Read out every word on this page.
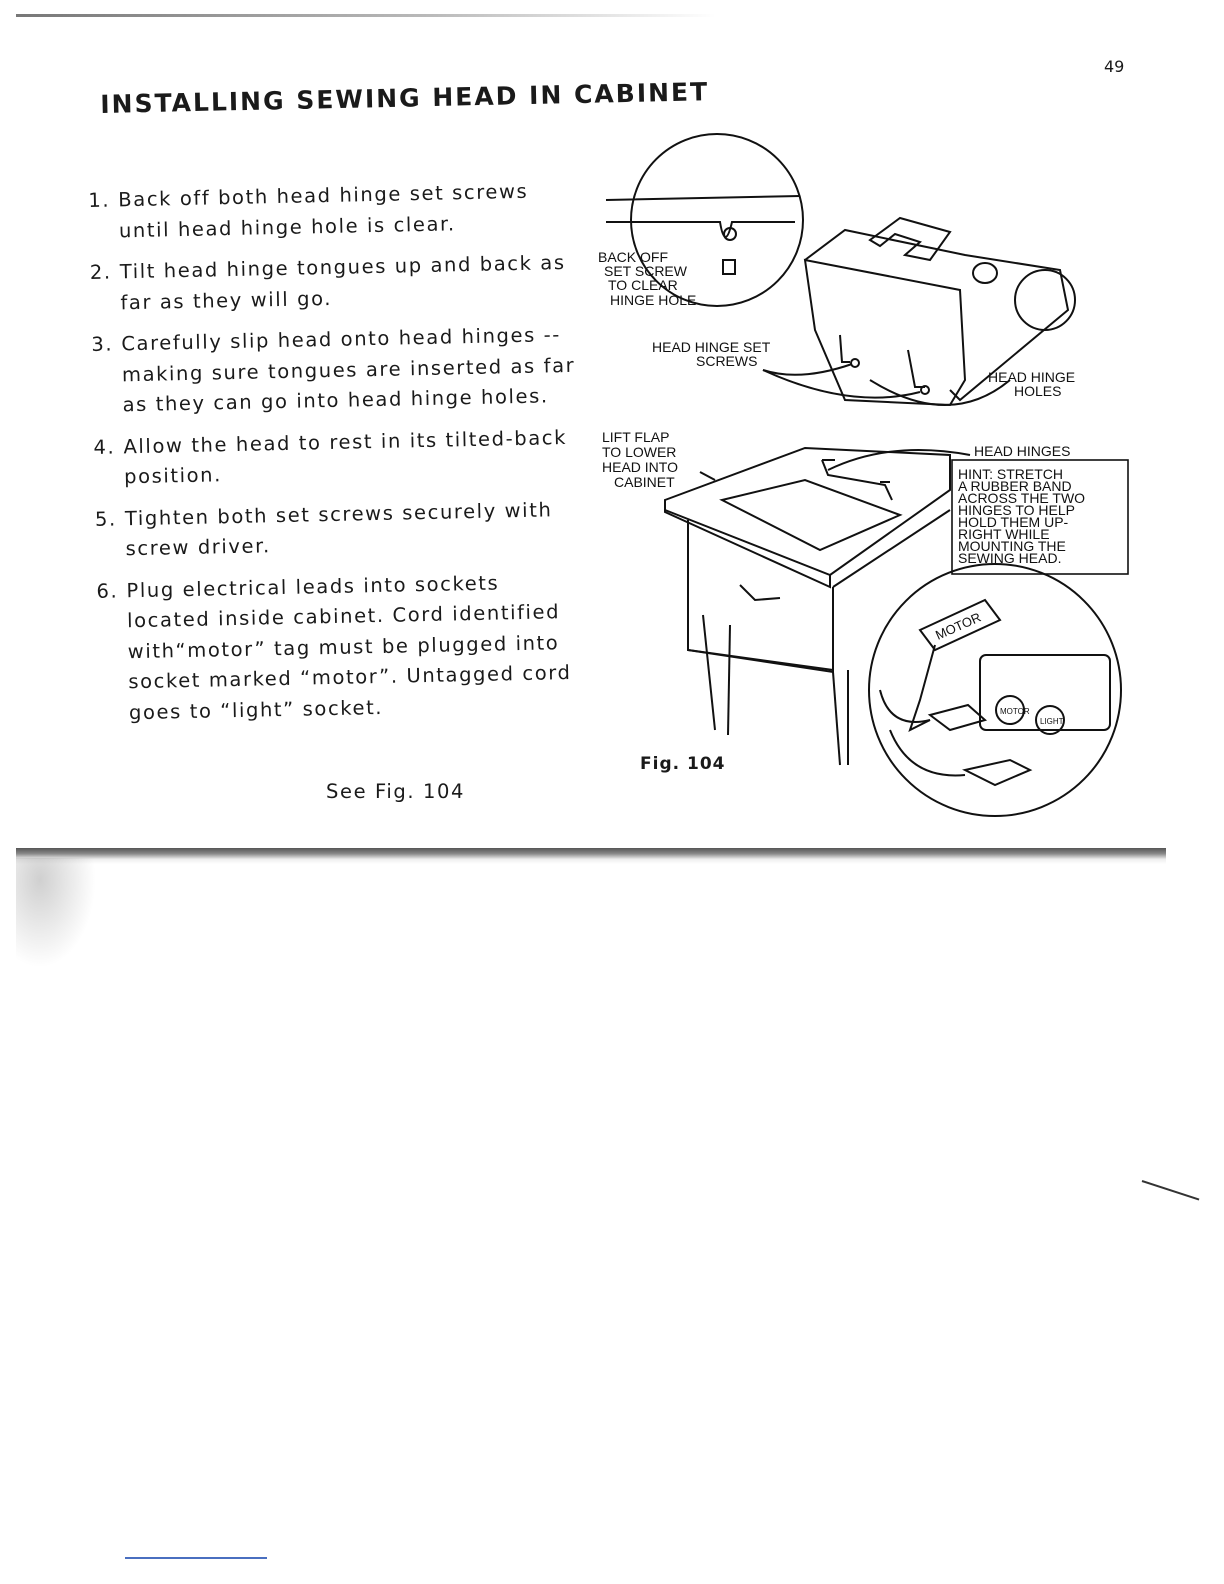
49
INSTALLING SEWING HEAD IN CABINET
1. Back off both head hinge set screws until head hinge hole is clear.
2. Tilt head hinge tongues up and back as far as they will go.
3. Carefully slip head onto head hinges --making sure tongues are inserted as far as they can go into head hinge holes.
4. Allow the head to rest in its tilted-back position.
5. Tighten both set screws securely with screw driver.
6. Plug electrical leads into sockets located inside cabinet. Cord identified with“motor” tag must be plugged into socket marked “motor”. Untagged cord goes to “light” socket.
See Fig. 104
BACK OFF
SET SCREW
TO CLEAR
HINGE HOLE
HEAD HINGE SET
SCREWS
HEAD HINGE
HOLES
LIFT FLAP
TO LOWER
HEAD INTO
CABINET
HEAD HINGES
HINT: STRETCH
A RUBBER BAND
ACROSS THE TWO
HINGES TO HELP
HOLD THEM UP-
RIGHT WHILE
MOUNTING THE
SEWING HEAD.
MOTOR
MOTOR
LIGHT
Fig. 104
